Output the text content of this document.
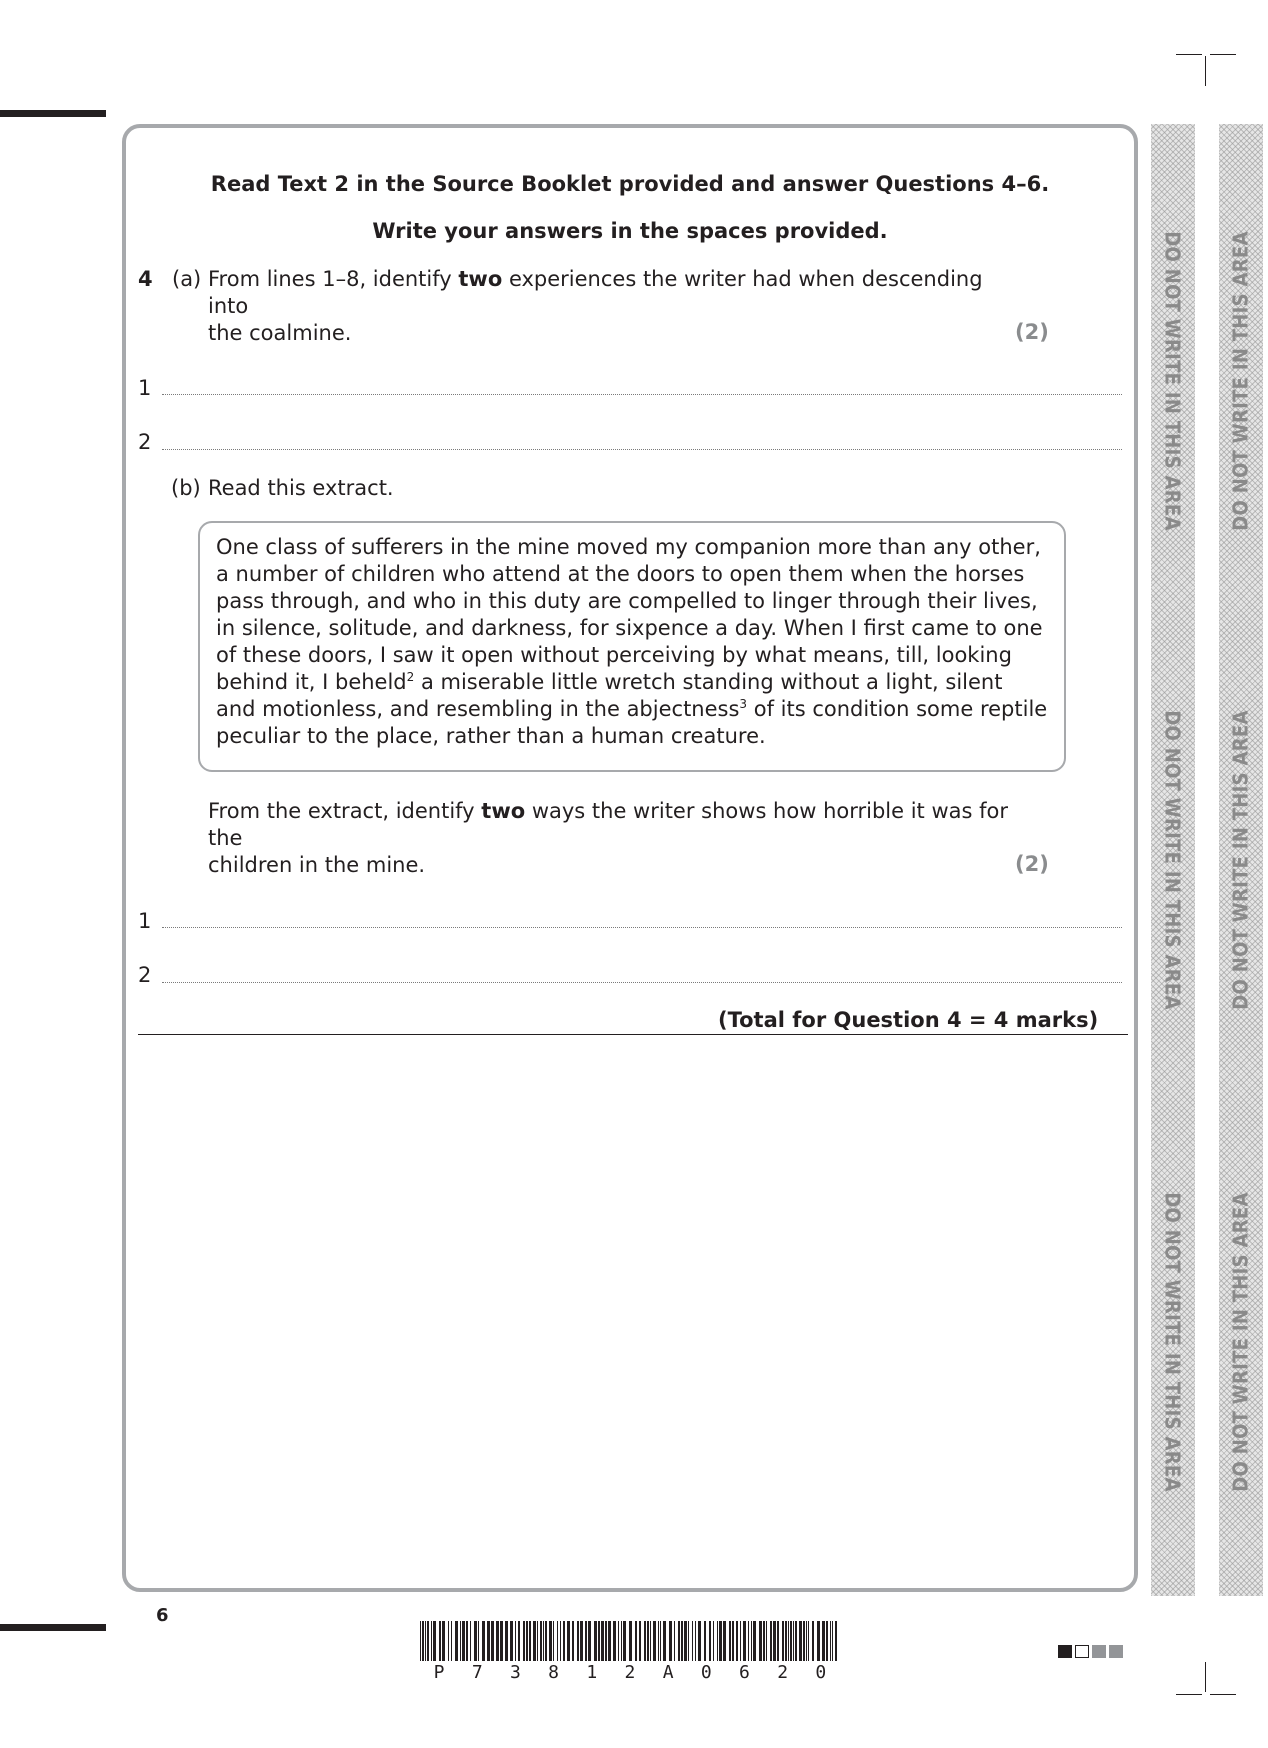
DO NOT WRITE IN THIS AREA
DO NOT WRITE IN THIS AREA
DO NOT WRITE IN THIS AREA
DO NOT WRITE IN THIS AREA
DO NOT WRITE IN THIS AREA
DO NOT WRITE IN THIS AREA
Read Text 2 in the Source Booklet provided and answer Questions 4–6.
Write your answers in the spaces provided.
4 (a) From lines 1–8, identify two experiences the writer had when descending into
the coalmine.	(2)
1
2
(b) Read this extract.
One class of sufferers in the mine moved my companion more than any other,
a number of children who attend at the doors to open them when the horses
pass through, and who in this duty are compelled to linger through their lives,
in silence, solitude, and darkness, for sixpence a day. When I first came to one
of these doors, I saw it open without perceiving by what means, till, looking
behind it, I beheld$^2$ a miserable little wretch standing without a light, silent
and motionless, and resembling in the abjectness$^3$ of its condition some reptile
peculiar to the place, rather than a human creature.
From the extract, identify two ways the writer shows how horrible it was for the
children in the mine.	(2)
1
2
(Total for Question 4 = 4 marks)
6
P 7 3 8 1 2 A 0 6 2 0
